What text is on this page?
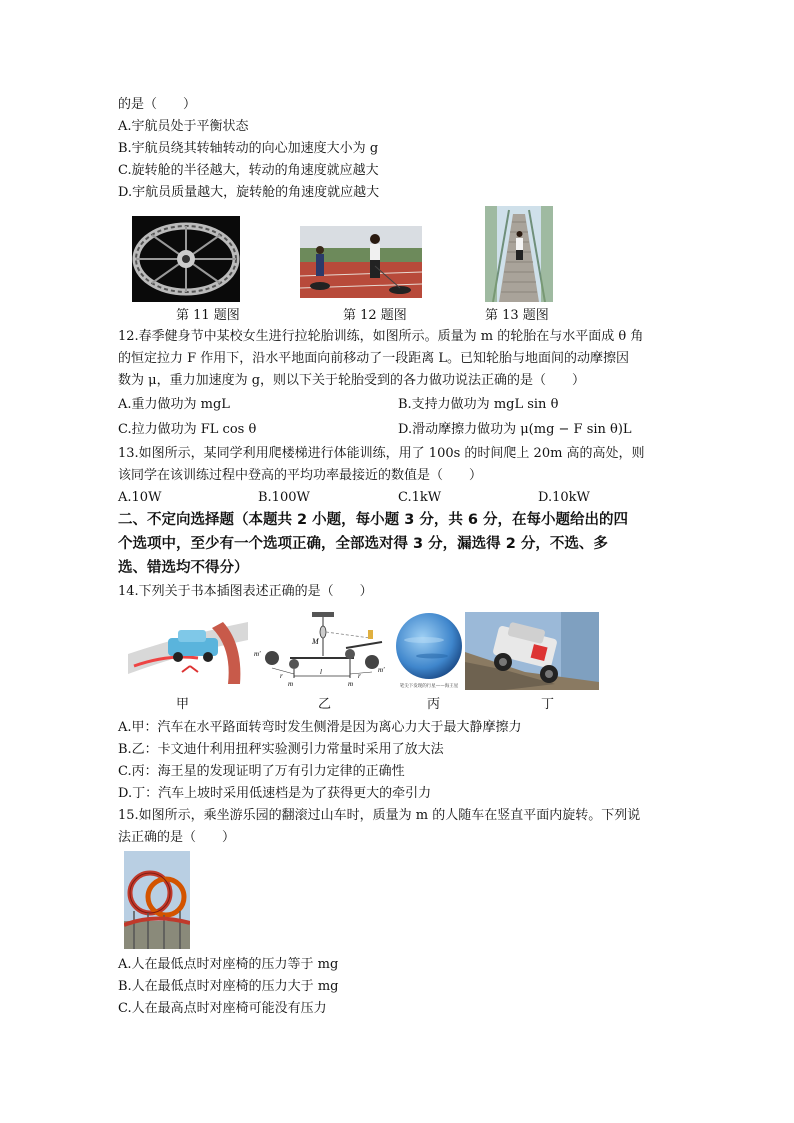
的是（　　）
A.宇航员处于平衡状态
B.宇航员绕其转轴转动的向心加速度大小为 g
C.旋转舱的半径越大，转动的角速度就应越大
D.宇航员质量越大，旋转舱的角速度就应越大
第 11 题图	第 12 题图	第 13 题图
12.春季健身节中某校女生进行拉轮胎训练，如图所示。质量为 m 的轮胎在与水平面成 θ 角
的恒定拉力 F 作用下，沿水平地面向前移动了一段距离 L。已知轮胎与地面间的动摩擦因
数为 μ，重力加速度为 g，则以下关于轮胎受到的各力做功说法正确的是（　　）
A.重力做功为 mgL	B.支持力做功为 mgL sin θ
C.拉力做功为 FL cos θ	D.滑动摩擦力做功为 μ(mg − F sin θ)L
13.如图所示，某同学利用爬楼梯进行体能训练，用了 100s 的时间爬上 20m 高的高处，则
该同学在该训练过程中登高的平均功率最接近的数值是（　　）
A.10W	B.100W	C.1kW	D.10kW
二、不定向选择题（本题共 2 小题，每小题 3 分，共 6 分，在每小题给出的四
个选项中，至少有一个选项正确，全部选对得 3 分，漏选得 2 分，不选、多
选、错选均不得分）
14.下列关于书本插图表述正确的是（　　）
M
m'
m'
m	m
r	r
l
笔尖下发现的行星——海王星
甲	乙	丙	丁
A.甲：汽车在水平路面转弯时发生侧滑是因为离心力大于最大静摩擦力
B.乙：卡文迪什利用扭秤实验测引力常量时采用了放大法
C.丙：海王星的发现证明了万有引力定律的正确性
D.丁：汽车上坡时采用低速档是为了获得更大的牵引力
15.如图所示，乘坐游乐园的翻滚过山车时，质量为 m 的人随车在竖直平面内旋转。下列说
法正确的是（　　）
A.人在最低点时对座椅的压力等于 mg
B.人在最低点时对座椅的压力大于 mg
C.人在最高点时对座椅可能没有压力
